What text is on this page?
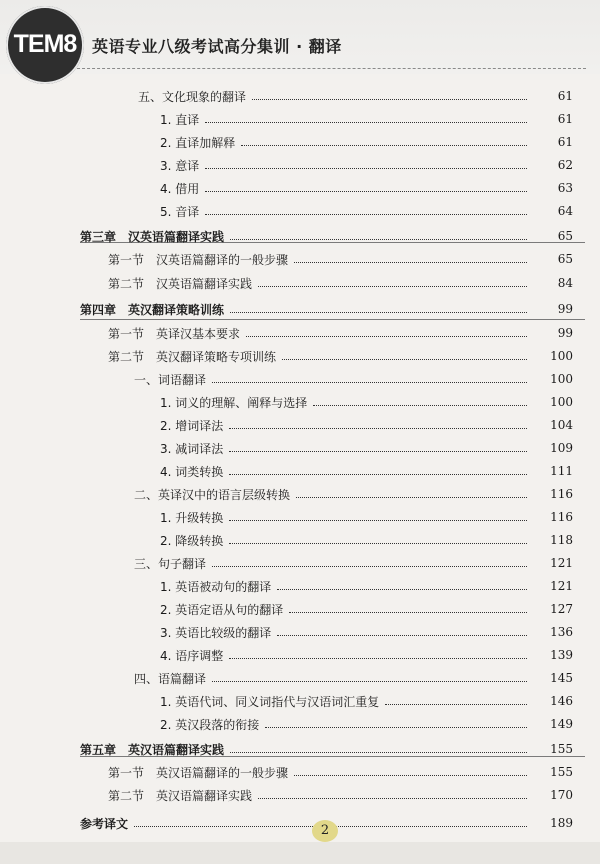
TEM8 英语专业八级考试高分集训 · 翻译
五、文化现象的翻译	61
1. 直译	61
2. 直译加解释	61
3. 意译	62
4. 借用	63
5. 音译	64
第三章　汉英语篇翻译实践	65
第一节　汉英语篇翻译的一般步骤	65
第二节　汉英语篇翻译实践	84
第四章　英汉翻译策略训练	99
第一节　英译汉基本要求	99
第二节　英汉翻译策略专项训练	100
一、词语翻译	100
1. 词义的理解、阐释与选择	100
2. 增词译法	104
3. 减词译法	109
4. 词类转换	111
二、英译汉中的语言层级转换	116
1. 升级转换	116
2. 降级转换	118
三、句子翻译	121
1. 英语被动句的翻译	121
2. 英语定语从句的翻译	127
3. 英语比较级的翻译	136
4. 语序调整	139
四、语篇翻译	145
1. 英语代词、同义词指代与汉语词汇重复	146
2. 英汉段落的衔接	149
第五章　英汉语篇翻译实践	155
第一节　英汉语篇翻译的一般步骤	155
第二节　英汉语篇翻译实践	170
参考译文	189
2
